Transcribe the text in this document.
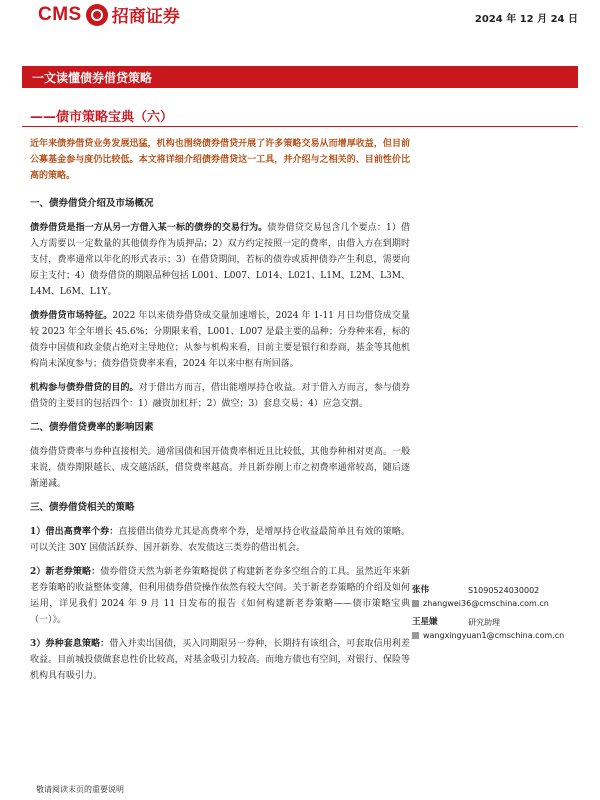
CMS 招商证券	2024 年 12 月 24 日
一文读懂债券借贷策略
——债市策略宝典（六）
近年来债券借贷业务发展迅猛，机构也围绕债券借贷开展了许多策略交易从而增厚收益，但目前公募基金参与度仍比较低。本文将详细介绍债券借贷这一工具，并介绍与之相关的、目前性价比高的策略。
一、债券借贷介绍及市场概况

债券借贷是指一方从另一方借入某一标的债券的交易行为。债券借贷交易包含几个要点：1）借入方需要以一定数量的其他债券作为质押品；2）双方约定按照一定的费率，由借入方在到期时支付，费率通常以年化的形式表示；3）在借贷期间，若标的债券或质押债券产生利息，需要向原主支付；4）债券借贷的期限品种包括 L001、L007、L014、L021、L1M、L2M、L3M、L4M、L6M、L1Y。

债券借贷市场特征。2022 年以来债券借贷成交量加速增长，2024 年 1-11 月日均借贷成交量较 2023 年全年增长 45.6%；分期限来看，L001、L007 是最主要的品种；分券种来看，标的债券中国债和政金债占绝对主导地位；从参与机构来看，目前主要是银行和券商，基金等其他机构尚未深度参与；债券借贷费率来看，2024 年以来中枢有所回落。

机构参与债券借贷的目的。对于借出方而言，借出能增厚持仓收益。对于借入方而言，参与债券借贷的主要目的包括四个：1）融资加杠杆；2）做空；3）套息交易；4）应急交割。

二、债券借贷费率的影响因素

债券借贷费率与券种直接相关。通常国债和国开债费率相近且比较低，其他券种相对更高。一般来说，债券期限越长、成交越活跃，借贷费率越高。并且新券刚上市之初费率通常较高，随后逐渐递减。

三、债券借贷相关的策略

1）借出高费率个券：直接借出债券尤其是高费率个券，是增厚持仓收益最简单且有效的策略。可以关注 30Y 国债活跃券、国开新券、农发债这三类券的借出机会。

2）新老券策略：债券借贷天然为新老券策略提供了构建新老券多空组合的工具。虽然近年来新老券策略的收益整体变薄，但利用债券借贷操作依然有较大空间。关于新老券策略的介绍及如何运用，详见我们 2024 年 9 月 11 日发布的报告《如何构建新老券策略——债市策略宝典（一）》。

3）券种套息策略：借入并卖出国债，买入同期限另一券种，长期持有该组合，可套取信用利差收益。目前城投债做套息性价比较高，对基金吸引力较高。而地方债也有空间，对银行、保险等机构具有吸引力。

张伟	S1090524030002
zhangwei36@cmschina.com.cn
王星嫌	研究助理
wangxingyuan1@cmschina.com.cn
敬请阅读末页的重要说明
